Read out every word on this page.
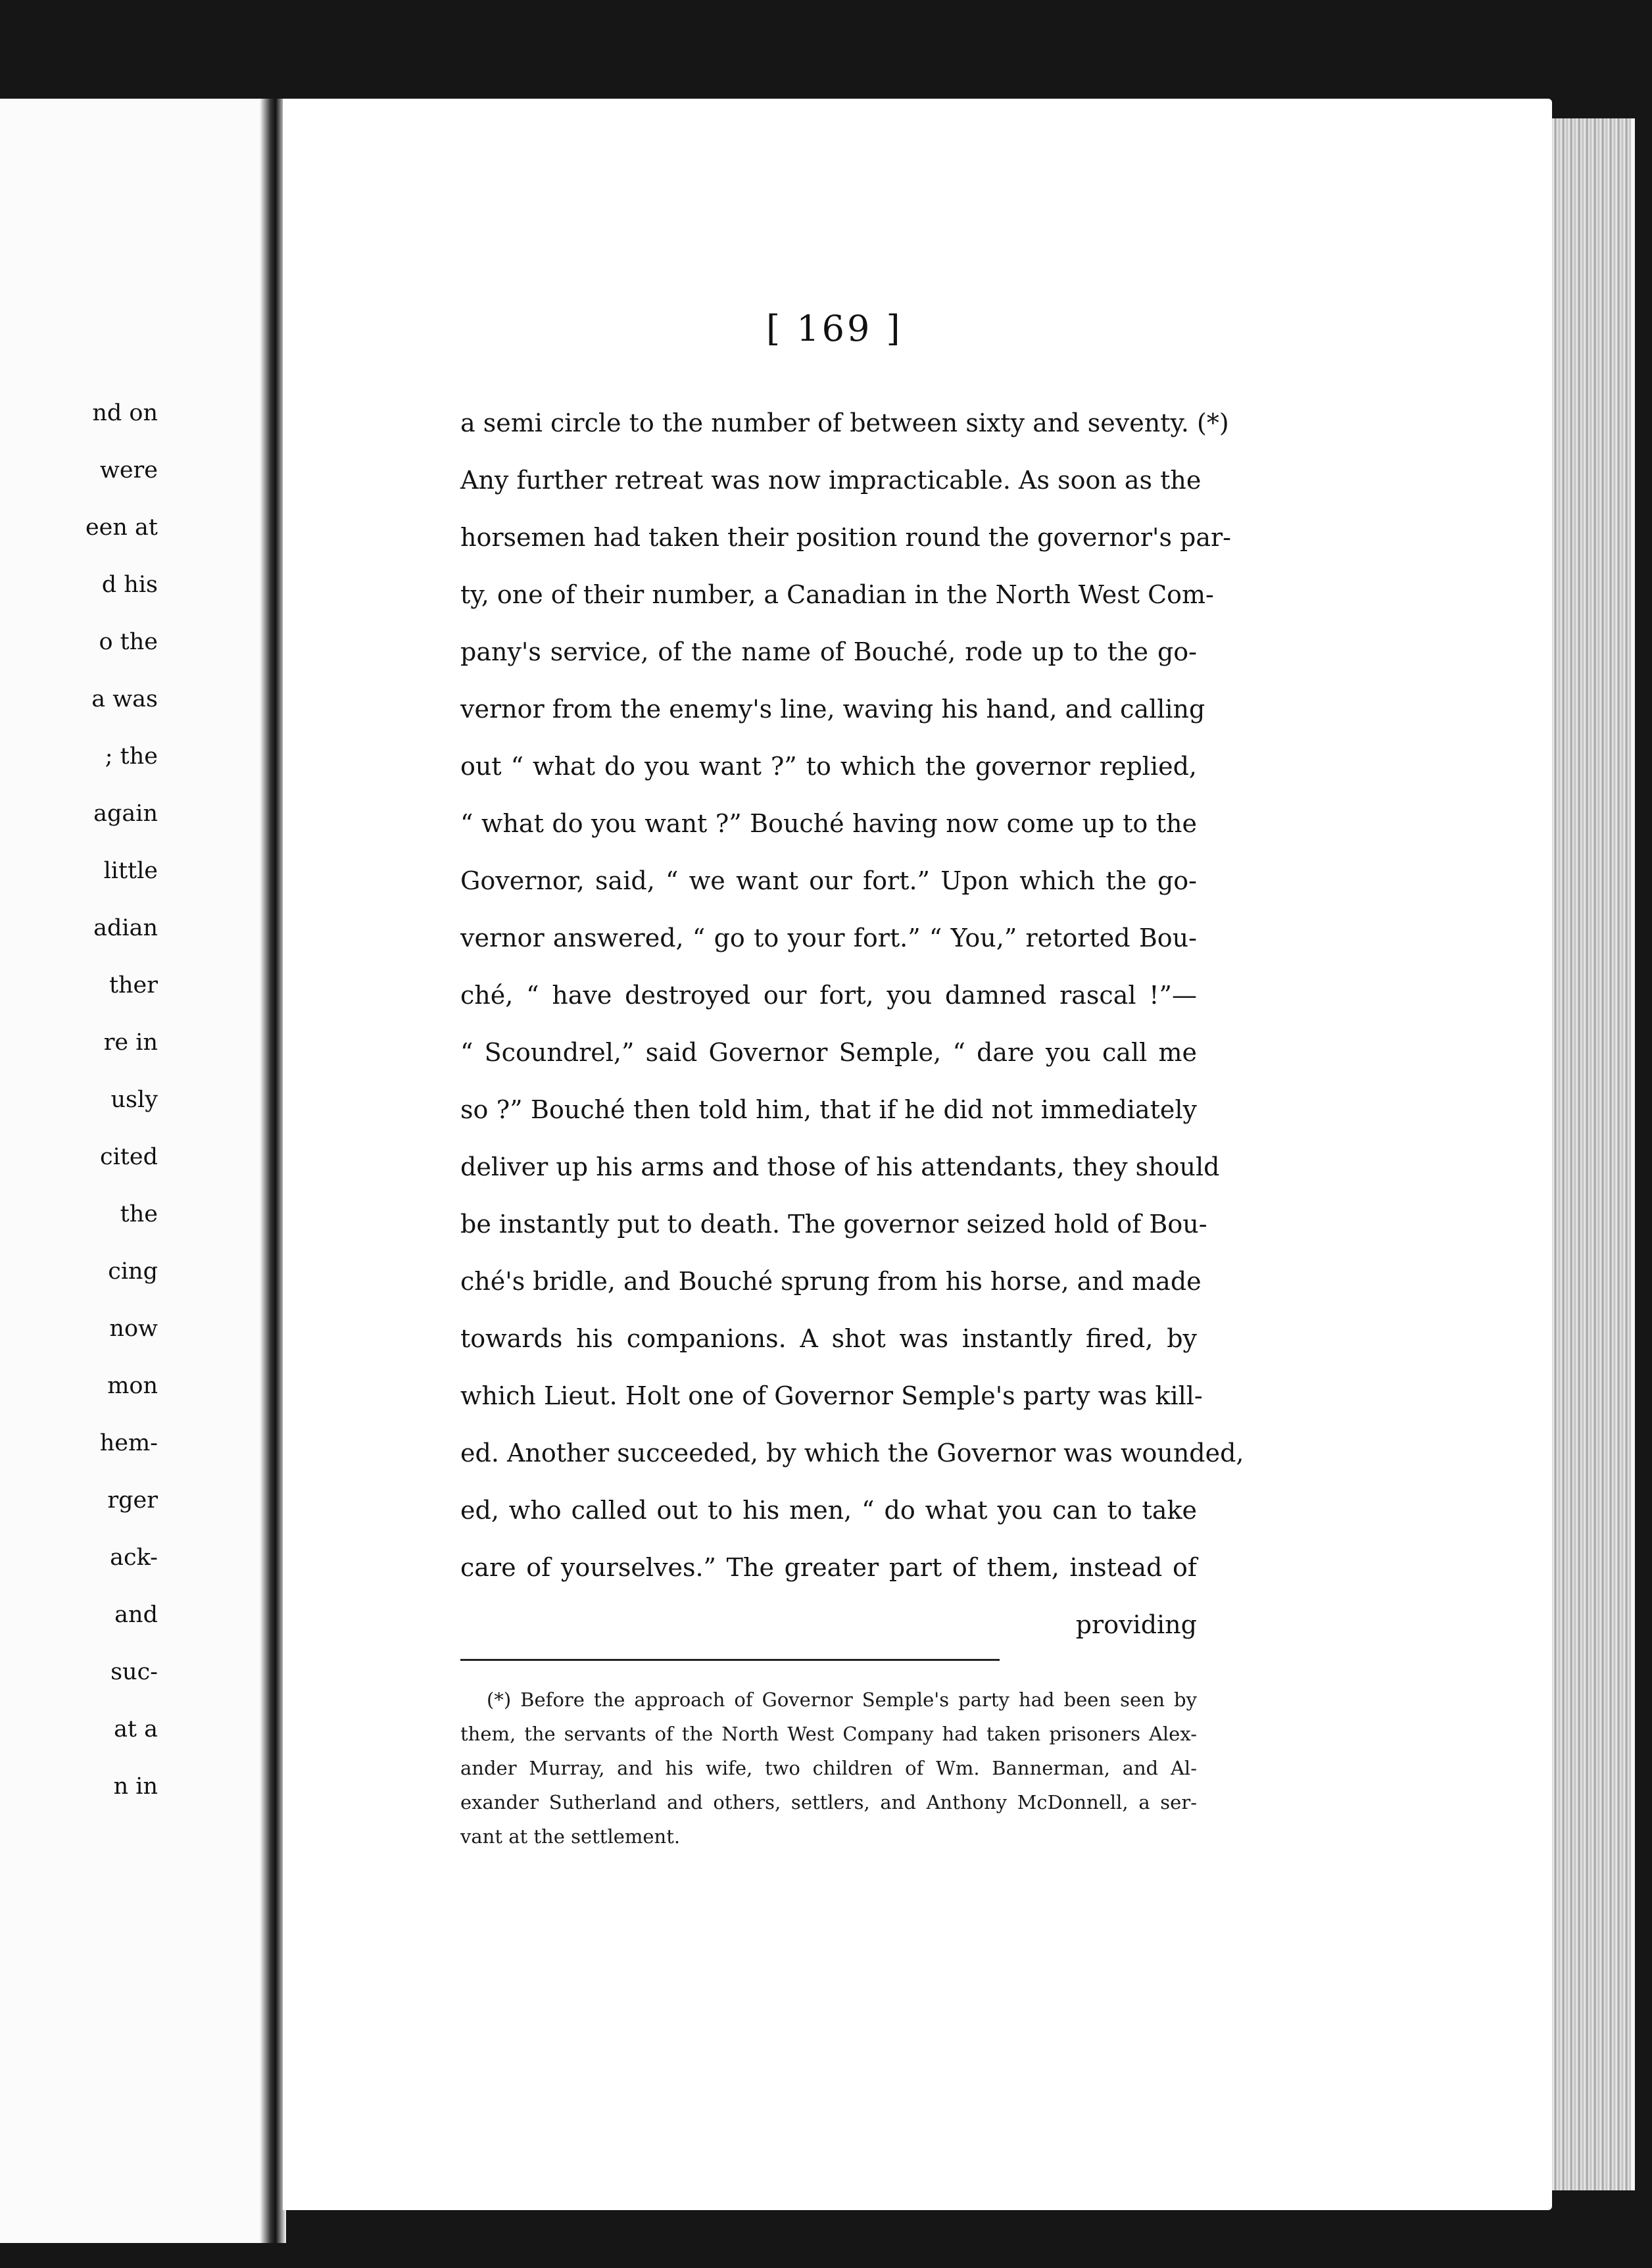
nd on
were
een at
d his
o the
a was
; the
again
little
adian
ther
re in
usly
cited
the
cing
now
mon
hem-
rger
ack-
and
suc-
at a
n in
[ 169 ]
a semi circle to the number of between sixty and seventy. (*)
Any further retreat was now impracticable. As soon as the
horsemen had taken their position round the governor's par-
ty, one of their number, a Canadian in the North West Com-
pany's service, of the name of Bouché, rode up to the go-
vernor from the enemy's line, waving his hand, and calling
out “ what do you want ?” to which the governor replied,
“ what do you want ?” Bouché having now come up to the
Governor, said, “ we want our fort.” Upon which the go-
vernor answered, “ go to your fort.” “ You,” retorted Bou-
ché, “ have destroyed our fort, you damned rascal !”—
“ Scoundrel,” said Governor Semple, “ dare you call me
so ?” Bouché then told him, that if he did not immediately
deliver up his arms and those of his attendants, they should
be instantly put to death. The governor seized hold of Bou-
ché's bridle, and Bouché sprung from his horse, and made
towards his companions. A shot was instantly fired, by
which Lieut. Holt one of Governor Semple's party was kill-
ed. Another succeeded, by which the Governor was wounded,
ed, who called out to his men, “ do what you can to take
care of yourselves.” The greater part of them, instead of
providing
(*) Before the approach of Governor Semple's party had been seen by
them, the servants of the North West Company had taken prisoners Alex-
ander Murray, and his wife, two children of Wm. Bannerman, and Al-
exander Sutherland and others, settlers, and Anthony McDonnell, a ser-
vant at the settlement.
